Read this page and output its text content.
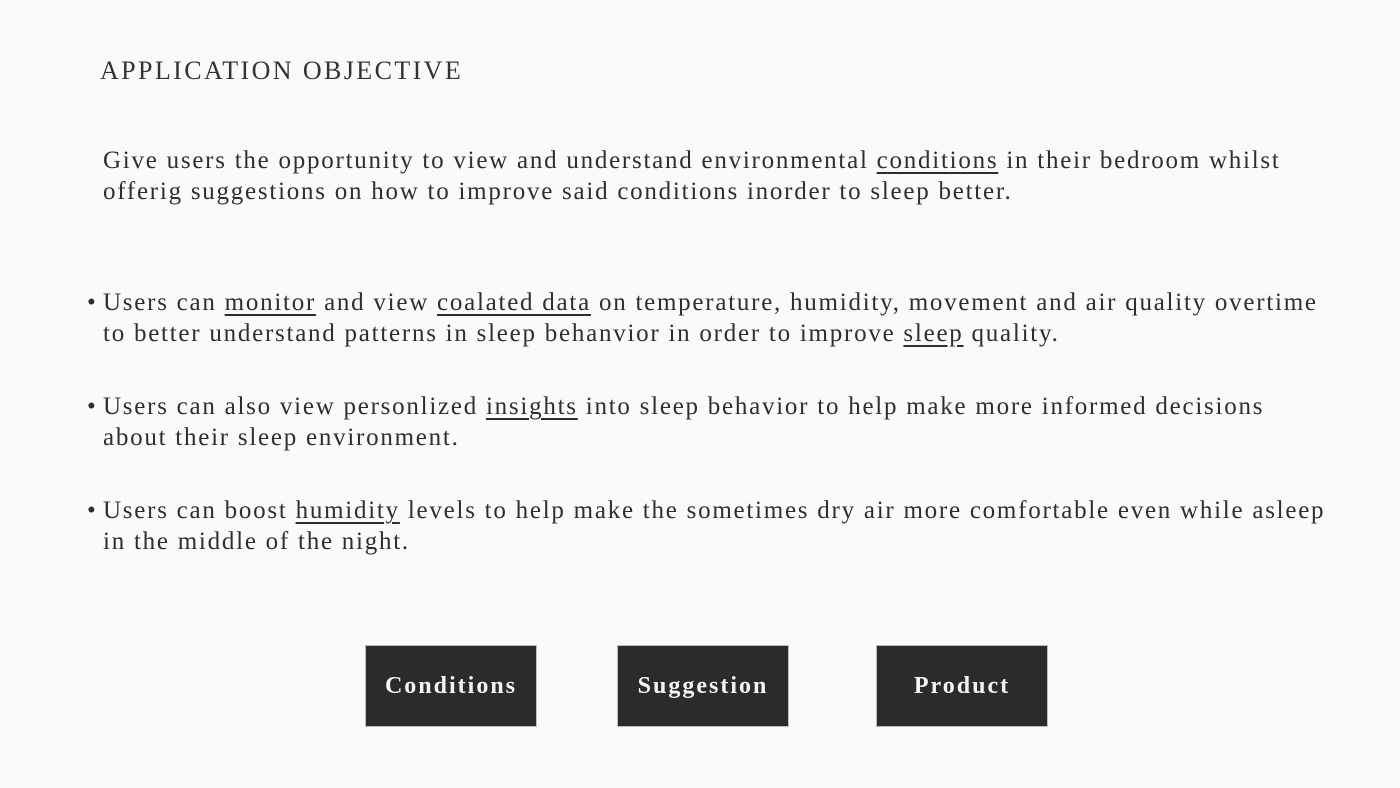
APPLICATION OBJECTIVE

Give users the opportunity to view and understand environmental conditions in their bedroom whilst offerig suggestions on how to improve said conditions inorder to sleep better.

• Users can monitor and view coalated data on temperature, humidity, movement and air quality overtime to better understand patterns in sleep behanvior in order to improve sleep quality.
• Users can also view personlized insights into sleep behavior to help make more informed decisions about their sleep environment.
• Users can boost humidity levels to help make the sometimes dry air more comfortable even while asleep in the middle of the night.
Conditions	Suggestion	Product
